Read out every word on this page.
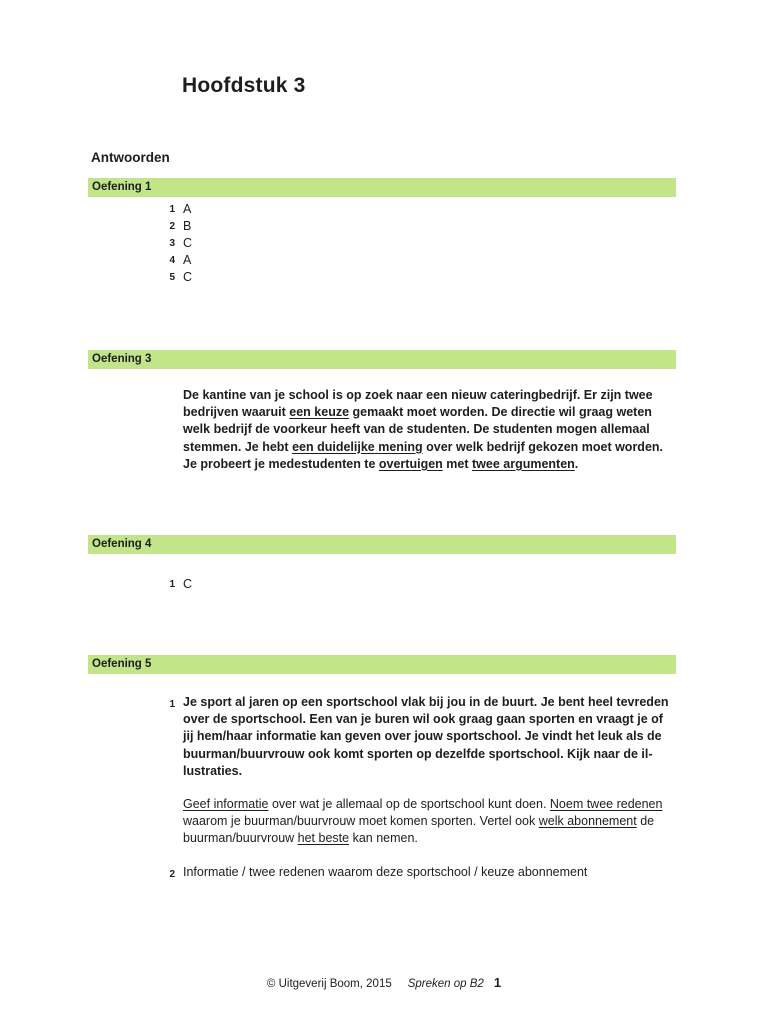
Hoofdstuk 3
Antwoorden
Oefening 1
1 A
2 B
3 C
4 A
5 C
Oefening 3

De kantine van je school is op zoek naar een nieuw cateringbedrijf. Er zijn twee bedrijven waaruit een keuze gemaakt moet worden. De directie wil graag weten welk bedrijf de voorkeur heeft van de studenten. De studenten mogen allemaal stemmen. Je hebt een duidelijke mening over welk bedrijf gekozen moet worden. Je probeert je medestudenten te overtuigen met twee argumenten.

Oefening 4
1 C
Oefening 5
1 Je sport al jaren op een sportschool vlak bij jou in de buurt. Je bent heel tevreden over de sportschool. Een van je buren wil ook graag gaan sporten en vraagt je of jij hem/haar informatie kan geven over jouw sportschool. Je vindt het leuk als de buurman/buurvrouw ook komt sporten op dezelfde sportschool. Kijk naar de il-lustraties.

Geef informatie over wat je allemaal op de sportschool kunt doen. Noem twee redenen waarom je buurman/buurvrouw moet komen sporten. Vertel ook welk abonnement de buurman/buurvrouw het beste kan nemen.

2 Informatie / twee redenen waarom deze sportschool / keuze abonnement

© Uitgeverij Boom, 2015 Spreken op B2 1
